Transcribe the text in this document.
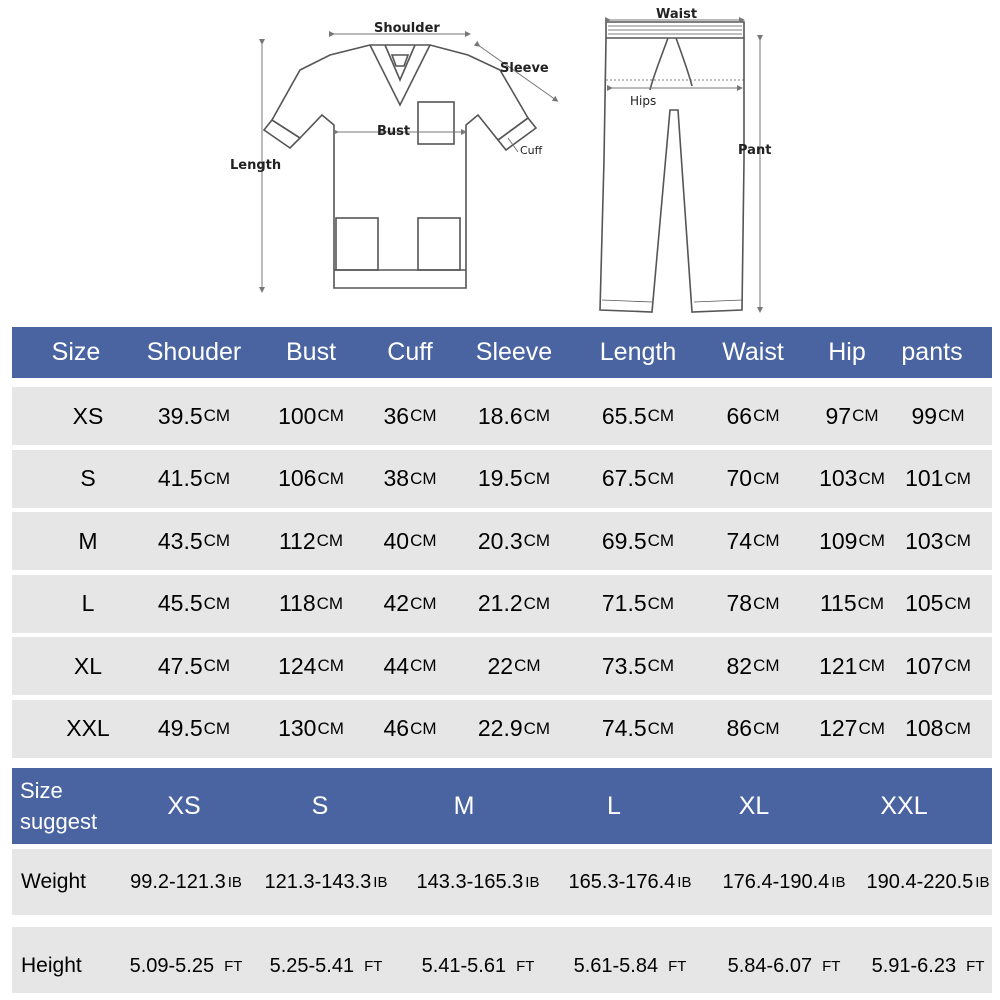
Shoulder
Sleeve
Bust
Cuff
Length
Waist
Hips
Pant
Size	Shouder	Bust	Cuff	Sleeve	Length	Waist	Hip	pants
XS	39.5 CM 100 CM 36 CM 18.6 CM 65.5 CM 66 CM 97 CM 99 CM
S	41.5 CM 106 CM 38 CM 19.5 CM 67.5 CM 70 CM 103 CM 101 CM
M	43.5 CM 112 CM 40 CM 20.3 CM 69.5 CM 74 CM 109 CM 103 CM
L	45.5 CM 118 CM 42 CM 21.2 CM 71.5 CM 78 CM 115 CM 105 CM
XL	47.5 CM 124 CM 44 CM 22 CM	73.5 CM 82 CM 121 CM 107 CM
XXL	49.5 CM 130 CM 46 CM 22.9 CM 74.5 CM 86 CM 127 CM 108 CM
Size
suggest
XS	S	M	L	XL	XXL
Weight	99.2-121.3 IB 121.3-143.3 IB 143.3-165.3 IB 165.3-176.4 IB 176.4-190.4 IB 190.4-220.5 IB
Height	5.09-5.25 FT 5.25-5.41 FT 5.41-5.61 FT 5.61-5.84 FT 5.84-6.07 FT 5.91-6.23 FT
